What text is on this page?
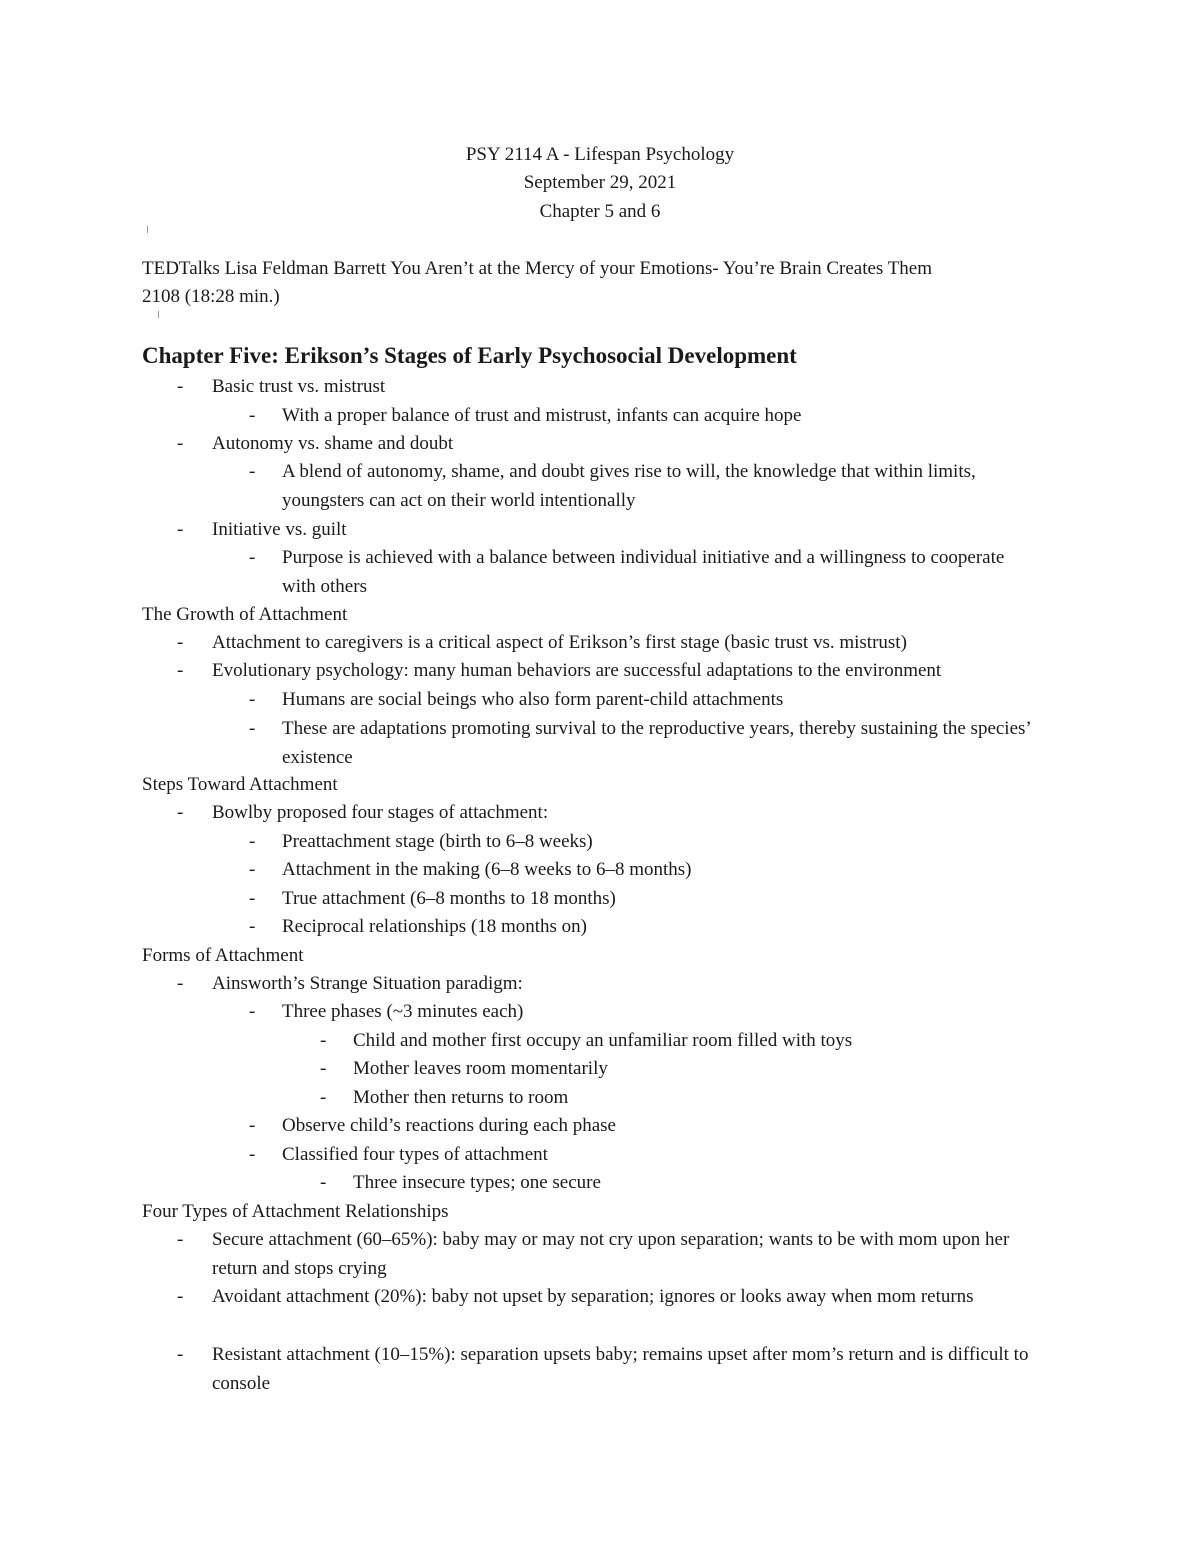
PSY 2114 A - Lifespan Psychology
September 29, 2021
Chapter 5 and 6
TEDTalks Lisa Feldman Barrett You Aren’t at the Mercy of your Emotions- You’re Brain Creates Them
2108 (18:28 min.)
Chapter Five: Erikson’s Stages of Early Psychosocial Development
- Basic trust vs. mistrust
- With a proper balance of trust and mistrust, infants can acquire hope
- Autonomy vs. shame and doubt
- A blend of autonomy, shame, and doubt gives rise to will, the knowledge that within limits, youngsters can act on their world intentionally
- Initiative vs. guilt
- Purpose is achieved with a balance between individual initiative and a willingness to cooperate with others
The Growth of Attachment
- Attachment to caregivers is a critical aspect of Erikson’s first stage (basic trust vs. mistrust)
- Evolutionary psychology: many human behaviors are successful adaptations to the environment
- Humans are social beings who also form parent-child attachments
- These are adaptations promoting survival to the reproductive years, thereby sustaining the species’ existence
Steps Toward Attachment
- Bowlby proposed four stages of attachment:
- Preattachment stage (birth to 6–8 weeks)
- Attachment in the making (6–8 weeks to 6–8 months)
- True attachment (6–8 months to 18 months)
- Reciprocal relationships (18 months on)
Forms of Attachment
- Ainsworth’s Strange Situation paradigm:
- Three phases (~3 minutes each)
- Child and mother first occupy an unfamiliar room filled with toys
- Mother leaves room momentarily
- Mother then returns to room
- Observe child’s reactions during each phase
- Classified four types of attachment
- Three insecure types; one secure
Four Types of Attachment Relationships
- Secure attachment (60–65%): baby may or may not cry upon separation; wants to be with mom upon her return and stops crying
- Avoidant attachment (20%): baby not upset by separation; ignores or looks away when mom returns
- Resistant attachment (10–15%): separation upsets baby; remains upset after mom’s return and is difficult to console
